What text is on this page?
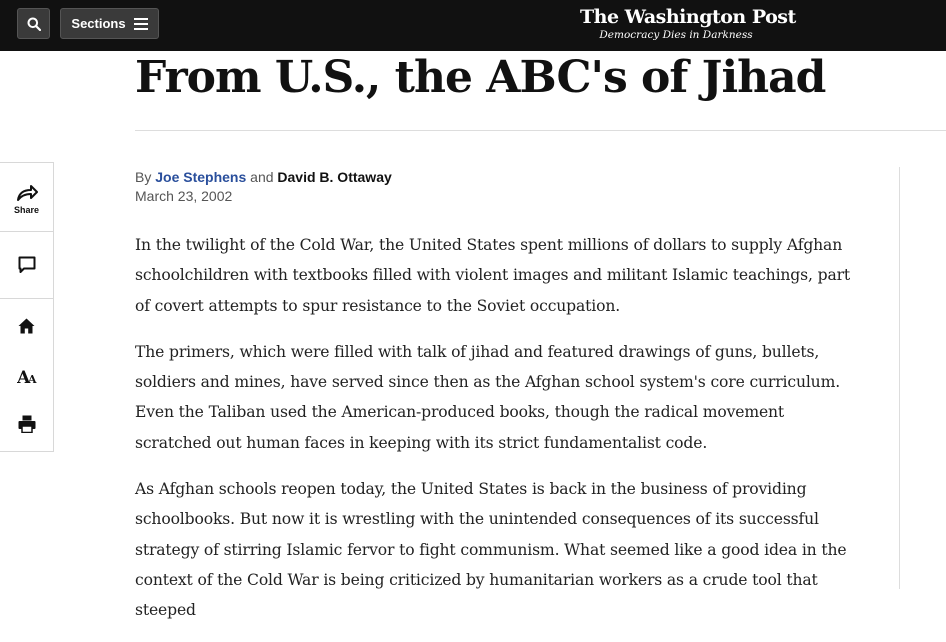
Sections	The Washington Post
Democracy Dies in Darkness
From U.S., the ABC's of Jihad
Share
A
A
By Joe Stephens and David B. Ottaway
March 23, 2002

In the twilight of the Cold War, the United States spent millions of dollars to supply Afghan schoolchildren with textbooks filled with violent images and militant Islamic teachings, part of covert attempts to spur resistance to the Soviet occupation.

The primers, which were filled with talk of jihad and featured drawings of guns, bullets, soldiers and mines, have served since then as the Afghan school system's core curriculum. Even the Taliban used the American-produced books, though the radical movement scratched out human faces in keeping with its strict fundamentalist code.

As Afghan schools reopen today, the United States is back in the business of providing schoolbooks. But now it is wrestling with the unintended consequences of its successful strategy of stirring Islamic fervor to fight communism. What seemed like a good idea in the context of the Cold War is being criticized by humanitarian workers as a crude tool that steeped
